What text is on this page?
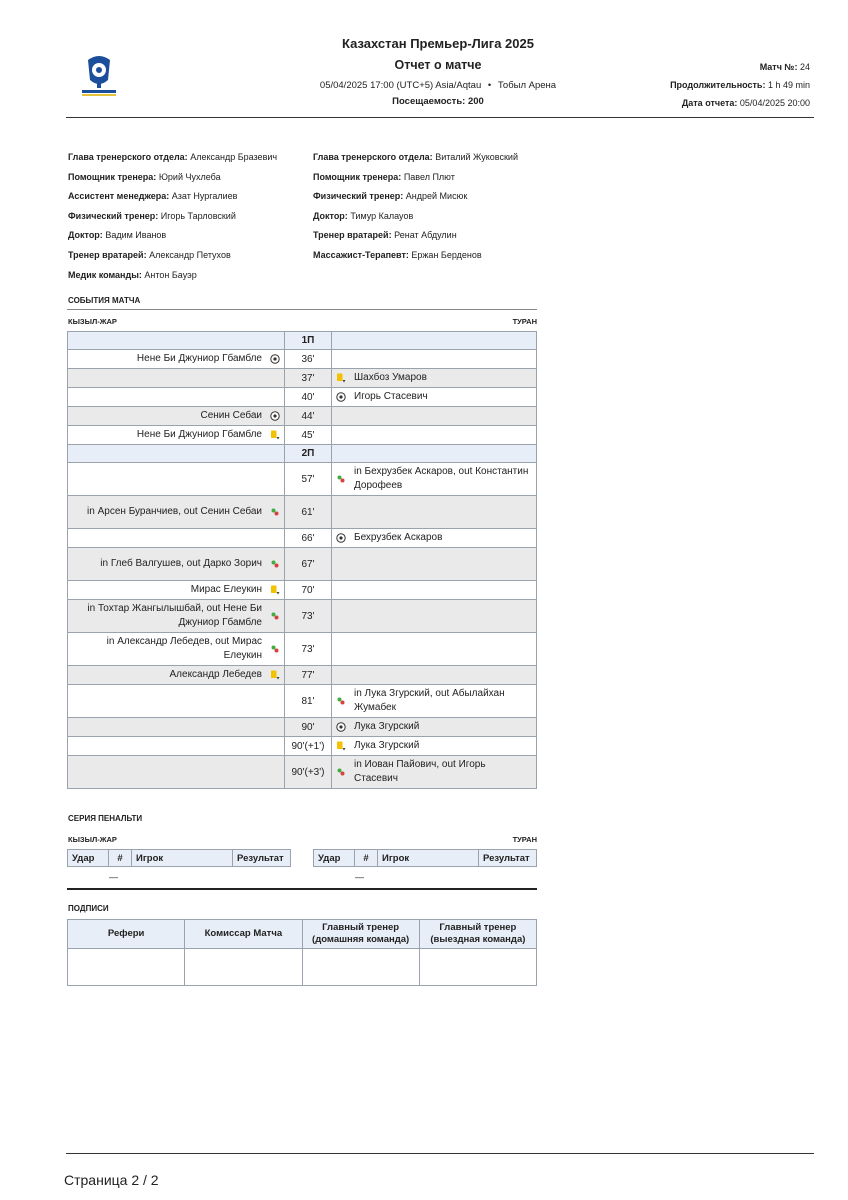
Казахстан Премьер-Лига 2025
Отчет о матче
05/04/2025 17:00 (UTC+5) Asia/Aqtau • Тобыл Арена
Посещаемость: 200
Матч №: 24
Продолжительность: 1 h 49 min
Дата отчета: 05/04/2025 20:00
Глава тренерского отдела: Александр Бразевич
Помощник тренера: Юрий Чухлеба
Ассистент менеджера: Азат Нургалиев
Физический тренер: Игорь Тарловский
Доктор: Вадим Иванов
Тренер вратарей: Александр Петухов
Медик команды: Антон Бауэр
Глава тренерского отдела: Виталий Жуковский
Помощник тренера: Павел Плют
Физический тренер: Андрей Мисюк
Доктор: Тимур Калауов
Тренер вратарей: Ренат Абдулин
Массажист-Терапевт: Ержан Берденов
СОБЫТИЯ МАТЧА
КЫЗЫЛ-ЖАР	ТУРАН
		1П		
Нене Би Джуниор Гбамбле		36'		
		37'		Шахбоз Умаров
		40'		Игорь Стасевич
Сенин Себаи		44'		
Нене Би Джуниор Гбамбле		45'		
		2П		
		57'		in Бехрузбек Аскаров, out Константин Дорофеев
in Арсен Буранчиев, out Сенин Себаи		61'		
		66'		Бехрузбек Аскаров
in Глеб Валгушев, out Дарко Зорич		67'		
Мирас Елеукин		70'		
in Тохтар Жангылышбай, out Нене Би Джуниор Гбамбле		73'		
in Александр Лебедев, out Мирас Елеукин		73'		
Александр Лебедев		77'		
		81'		in Лука Згурский, out Абылайхан Жумабек
		90'		Лука Згурский
		90'(+1')		Лука Згурский
		90'(+3')		in Иован Пайович, out Игорь Стасевич
СЕРИЯ ПЕНАЛЬТИ
КЫЗЫЛ-ЖАР	ТУРАН
Удар	#	Игрок	Результат	Удар	#	Игрок	Результат
—	—
ПОДПИСИ
Рефери	Комиссар Матча	Главный тренер (домашняя команда)	Главный тренер (выездная команда)

Страница 2 / 2
